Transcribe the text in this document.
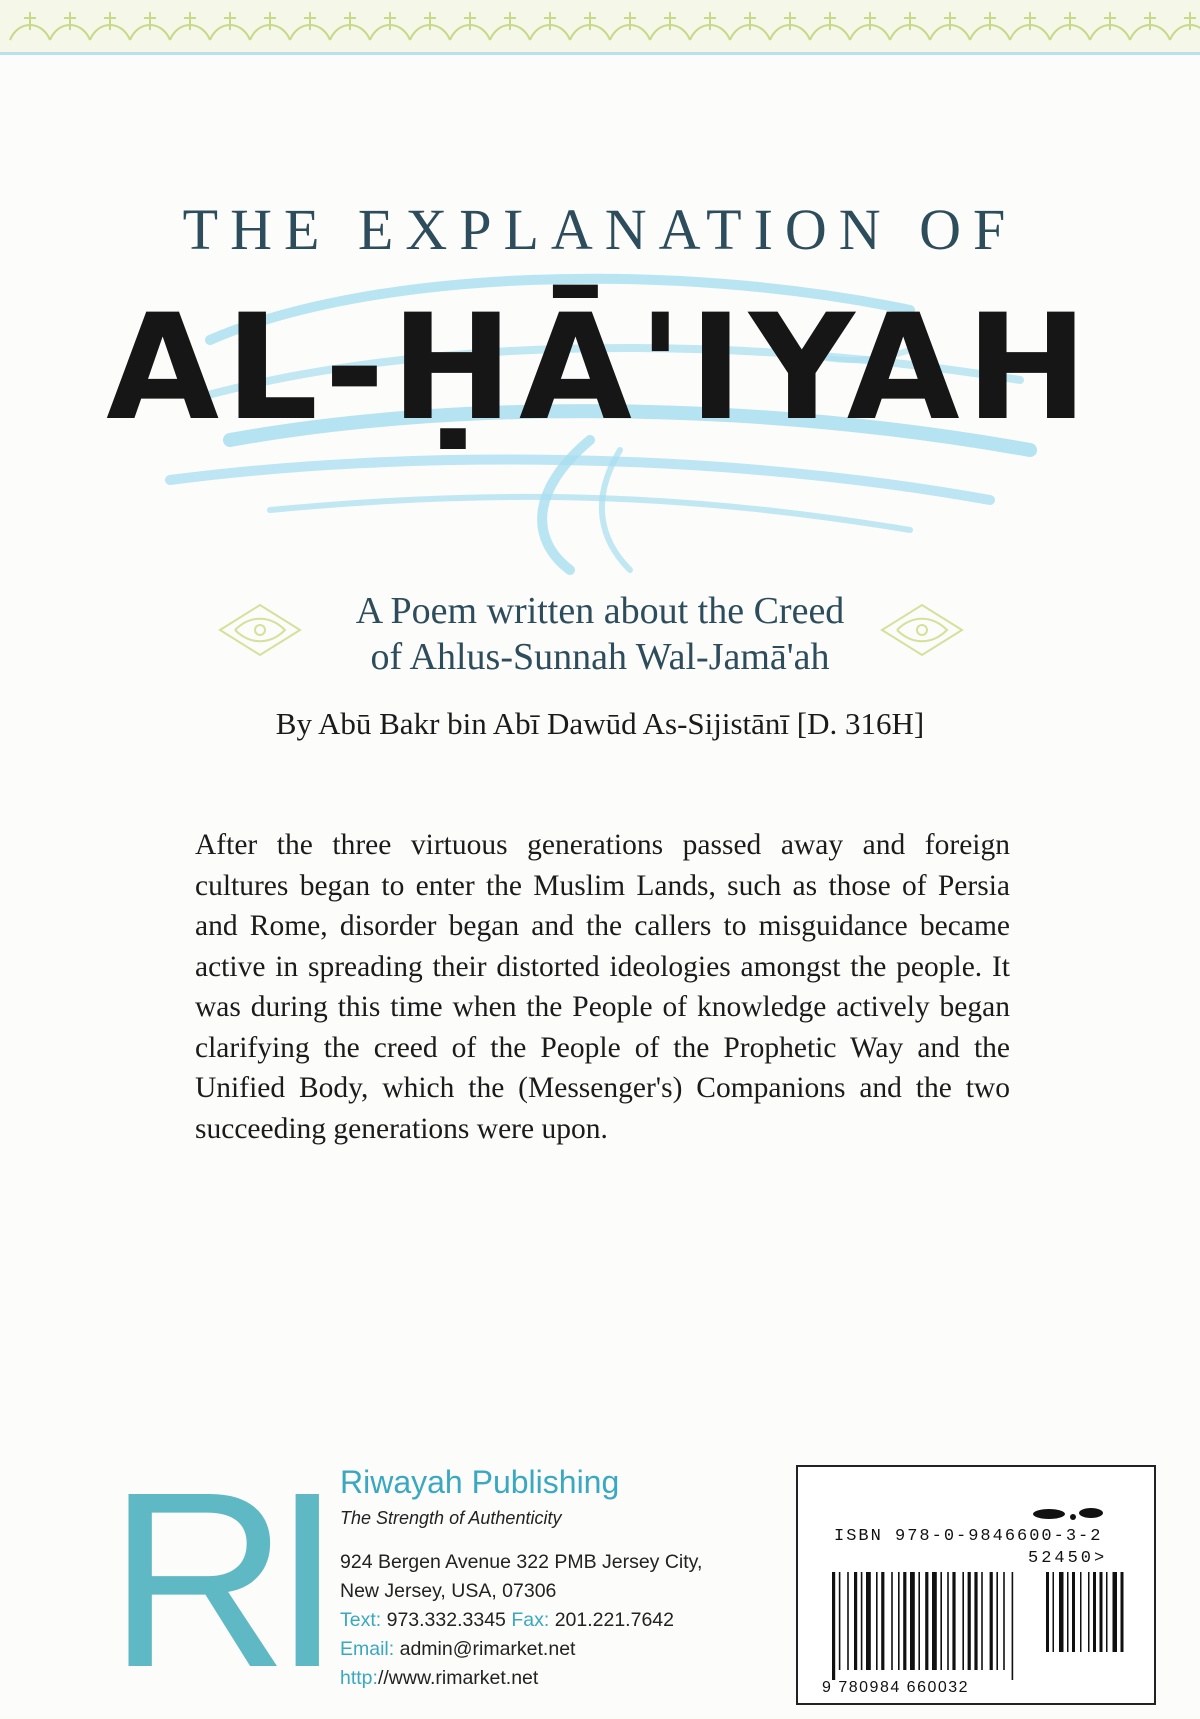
THE EXPLANATION OF
AL-ḤĀ'IYAH
A Poem written about the Creed
of Ahlus-Sunnah Wal-Jamā'ah
By Abū Bakr bin Abī Dawūd As-Sijistānī [D. 316H]
After the three virtuous generations passed away and foreign cultures began to enter the Muslim Lands, such as those of Persia and Rome, disorder began and the callers to misguidance became active in spreading their distorted ideologies amongst the people. It was during this time when the People of knowledge actively began clarifying the creed of the People of the Prophetic Way and the Unified Body, which the (Messenger's) Companions and the two succeeding generations were upon.
RI Riwayah Publishing
The Strength of Authenticity
924 Bergen Avenue 322 PMB Jersey City,
New Jersey, USA, 07306
Text: 973.332.3345 Fax: 201.221.7642
Email: admin@rimarket.net
http://www.rimarket.net
ISBN 978-0-9846600-3-2
52450>
9 780984 660032
